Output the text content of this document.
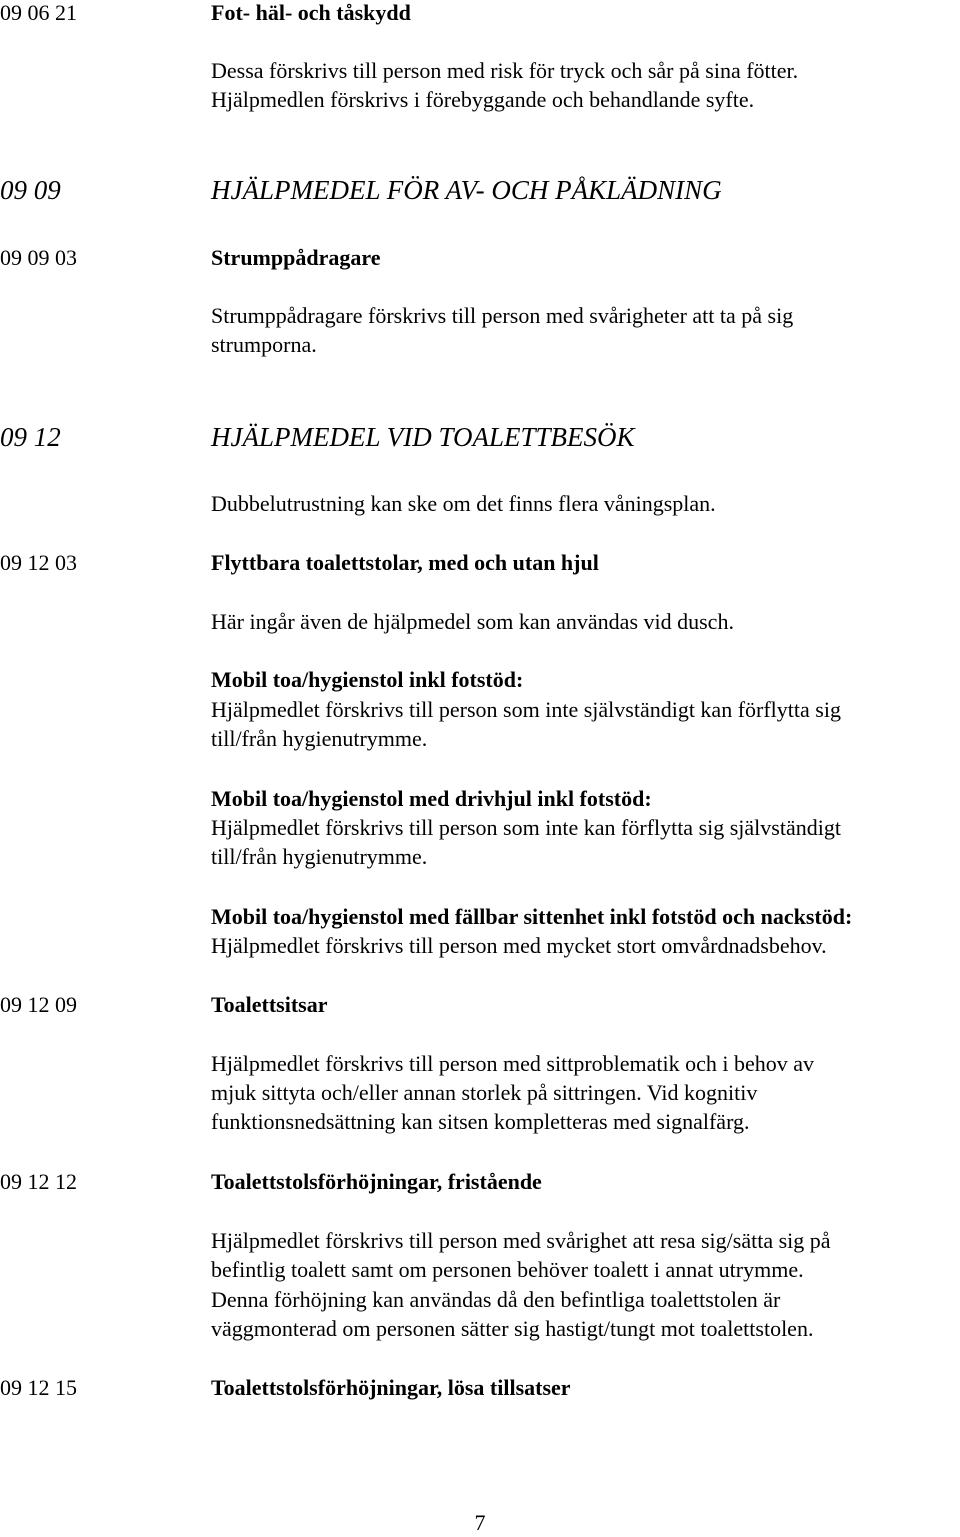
09 06 21	Fot- häl- och tåskydd
Dessa förskrivs till person med risk för tryck och sår på sina fötter.
Hjälpmedlen förskrivs i förebyggande och behandlande syfte.
09 09	HJÄLPMEDEL FÖR AV- OCH PÅKLÄDNING
09 09 03	Strumppådragare
Strumppådragare förskrivs till person med svårigheter att ta på sig
strumporna.
09 12	HJÄLPMEDEL VID TOALETTBESÖK
Dubbelutrustning kan ske om det finns flera våningsplan.
09 12 03	Flyttbara toalettstolar, med och utan hjul
Här ingår även de hjälpmedel som kan användas vid dusch.
Mobil toa/hygienstol inkl fotstöd:
Hjälpmedlet förskrivs till person som inte självständigt kan förflytta sig
till/från hygienutrymme.
Mobil toa/hygienstol med drivhjul inkl fotstöd:
Hjälpmedlet förskrivs till person som inte kan förflytta sig självständigt
till/från hygienutrymme.
Mobil toa/hygienstol med fällbar sittenhet inkl fotstöd och nackstöd:
Hjälpmedlet förskrivs till person med mycket stort omvårdnadsbehov.
09 12 09	Toalettsitsar
Hjälpmedlet förskrivs till person med sittproblematik och i behov av
mjuk sittyta och/eller annan storlek på sittringen. Vid kognitiv
funktionsnedsättning kan sitsen kompletteras med signalfärg.
09 12 12	Toalettstolsförhöjningar, fristående
Hjälpmedlet förskrivs till person med svårighet att resa sig/sätta sig på
befintlig toalett samt om personen behöver toalett i annat utrymme.
Denna förhöjning kan användas då den befintliga toalettstolen är
väggmonterad om personen sätter sig hastigt/tungt mot toalettstolen.
09 12 15	Toalettstolsförhöjningar, lösa tillsatser
7
